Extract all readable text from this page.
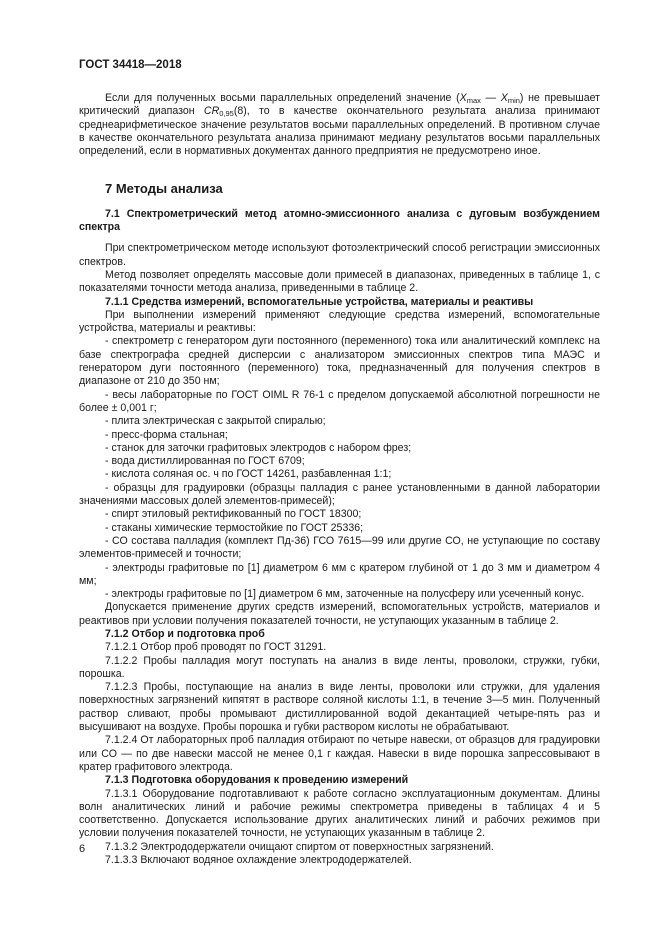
ГОСТ 34418—2018

Если для полученных восьми параллельных определений значение ($X_{max}$ — $X_{min}$) не превышает критический диапазон $CR_{0,95}(8)$, то в качестве окончательного результата анализа принимают среднеарифметическое значение результатов восьми параллельных определений. В противном случае в качестве окончательного результата анализа принимают медиану результатов восьми параллельных определений, если в нормативных документах данного предприятия не предусмотрено иное.

7 Методы анализа
7.1 Спектрометрический метод атомно-эмиссионного анализа с дуговым возбуждением спектра

При спектрометрическом методе используют фотоэлектрический способ регистрации эмиссионных спектров.

Метод позволяет определять массовые доли примесей в диапазонах, приведенных в таблице 1, с показателями точности метода анализа, приведенными в таблице 2.

7.1.1 Средства измерений, вспомогательные устройства, материалы и реактивы

При выполнении измерений применяют следующие средства измерений, вспомогательные устройства, материалы и реактивы:

- спектрометр с генератором дуги постоянного (переменного) тока или аналитический комплекс на базе спектрографа средней дисперсии с анализатором эмиссионных спектров типа МАЭС и генератором дуги постоянного (переменного) тока, предназначенный для получения спектров в диапазоне от 210 до 350 нм;

- весы лабораторные по ГОСТ OIML R 76-1 с пределом допускаемой абсолютной погрешности не более ± 0,001 г;

- плита электрическая с закрытой спиралью;

- пресс-форма стальная;

- станок для заточки графитовых электродов с набором фрез;

- вода дистиллированная по ГОСТ 6709;

- кислота соляная ос. ч по ГОСТ 14261, разбавленная 1:1;

- образцы для градуировки (образцы палладия с ранее установленными в данной лаборатории значениями массовых долей элементов-примесей);

- спирт этиловый ректификованный по ГОСТ 18300;

- стаканы химические термостойкие по ГОСТ 25336;

- СО состава палладия (комплект Пд-36) ГСО 7615—99 или другие СО, не уступающие по составу элементов-примесей и точности;

- электроды графитовые по [1] диаметром 6 мм с кратером глубиной от 1 до 3 мм и диаметром 4 мм;

- электроды графитовые по [1] диаметром 6 мм, заточенные на полусферу или усеченный конус.

Допускается применение других средств измерений, вспомогательных устройств, материалов и реактивов при условии получения показателей точности, не уступающих указанным в таблице 2.

7.1.2 Отбор и подготовка проб

7.1.2.1 Отбор проб проводят по ГОСТ 31291.

7.1.2.2 Пробы палладия могут поступать на анализ в виде ленты, проволоки, стружки, губки, порошка.

7.1.2.3 Пробы, поступающие на анализ в виде ленты, проволоки или стружки, для удаления поверхностных загрязнений кипятят в растворе соляной кислоты 1:1, в течение 3—5 мин. Полученный раствор сливают, пробы промывают дистиллированной водой декантацией четыре-пять раз и высушивают на воздухе. Пробы порошка и губки раствором кислоты не обрабатывают.

7.1.2.4 От лабораторных проб палладия отбирают по четыре навески, от образцов для градуировки или СО — по две навески массой не менее 0,1 г каждая. Навески в виде порошка запрессовывают в кратер графитового электрода.

7.1.3 Подготовка оборудования к проведению измерений

7.1.3.1 Оборудование подготавливают к работе согласно эксплуатационным документам. Длины волн аналитических линий и рабочие режимы спектрометра приведены в таблицах 4 и 5 соответственно. Допускается использование других аналитических линий и рабочих режимов при условии получения показателей точности, не уступающих указанным в таблице 2.

7.1.3.2 Электрододержатели очищают спиртом от поверхностных загрязнений.

7.1.3.3 Включают водяное охлаждение электрододержателей.

6
